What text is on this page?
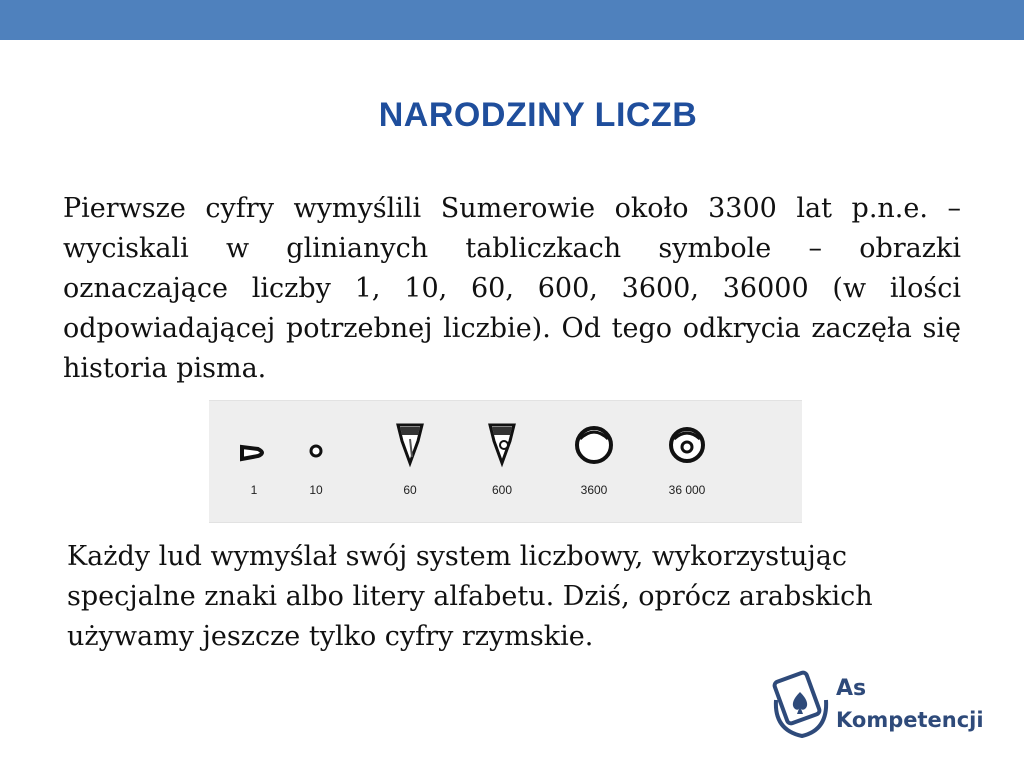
NARODZINY LICZB

Pierwsze cyfry wymyślili Sumerowie około 3300 lat p.n.e. – wyciskali w glinianych tabliczkach symbole – obrazki oznaczające liczby 1, 10, 60, 600, 3600, 36000 (w ilości odpowiadającej potrzebnej liczbie). Od tego odkrycia zaczęła się historia pisma.

1	10	60	600	3600	36 000

Każdy lud wymyślał swój system liczbowy, wykorzystując specjalne znaki albo litery alfabetu. Dziś, oprócz arabskich używamy jeszcze tylko cyfry rzymskie.

As
Kompetencji
